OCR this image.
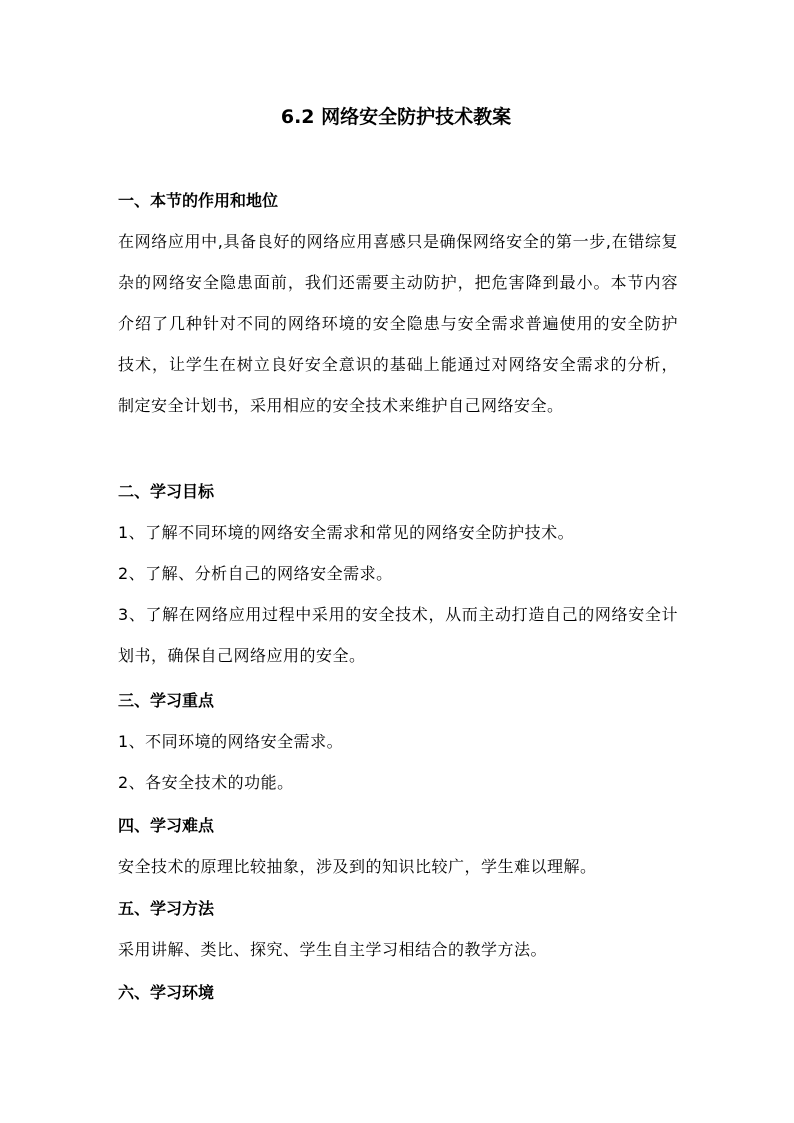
6.2 网络安全防护技术教案
一、本节的作用和地位
在网络应用中,具备良好的网络应用喜感只是确保网络安全的第一步,在错综复杂的网络安全隐患面前，我们还需要主动防护，把危害降到最小。本节内容介绍了几种针对不同的网络环境的安全隐患与安全需求普遍使用的安全防护技术，让学生在树立良好安全意识的基础上能通过对网络安全需求的分析，制定安全计划书，采用相应的安全技术来维护自己网络安全。
二、学习目标
1、了解不同环境的网络安全需求和常见的网络安全防护技术。
2、了解、分析自己的网络安全需求。
3、了解在网络应用过程中采用的安全技术，从而主动打造自己的网络安全计划书，确保自己网络应用的安全。
三、学习重点
1、不同环境的网络安全需求。
2、各安全技术的功能。
四、学习难点
安全技术的原理比较抽象，涉及到的知识比较广，学生难以理解。
五、学习方法
采用讲解、类比、探究、学生自主学习相结合的教学方法。
六、学习环境
